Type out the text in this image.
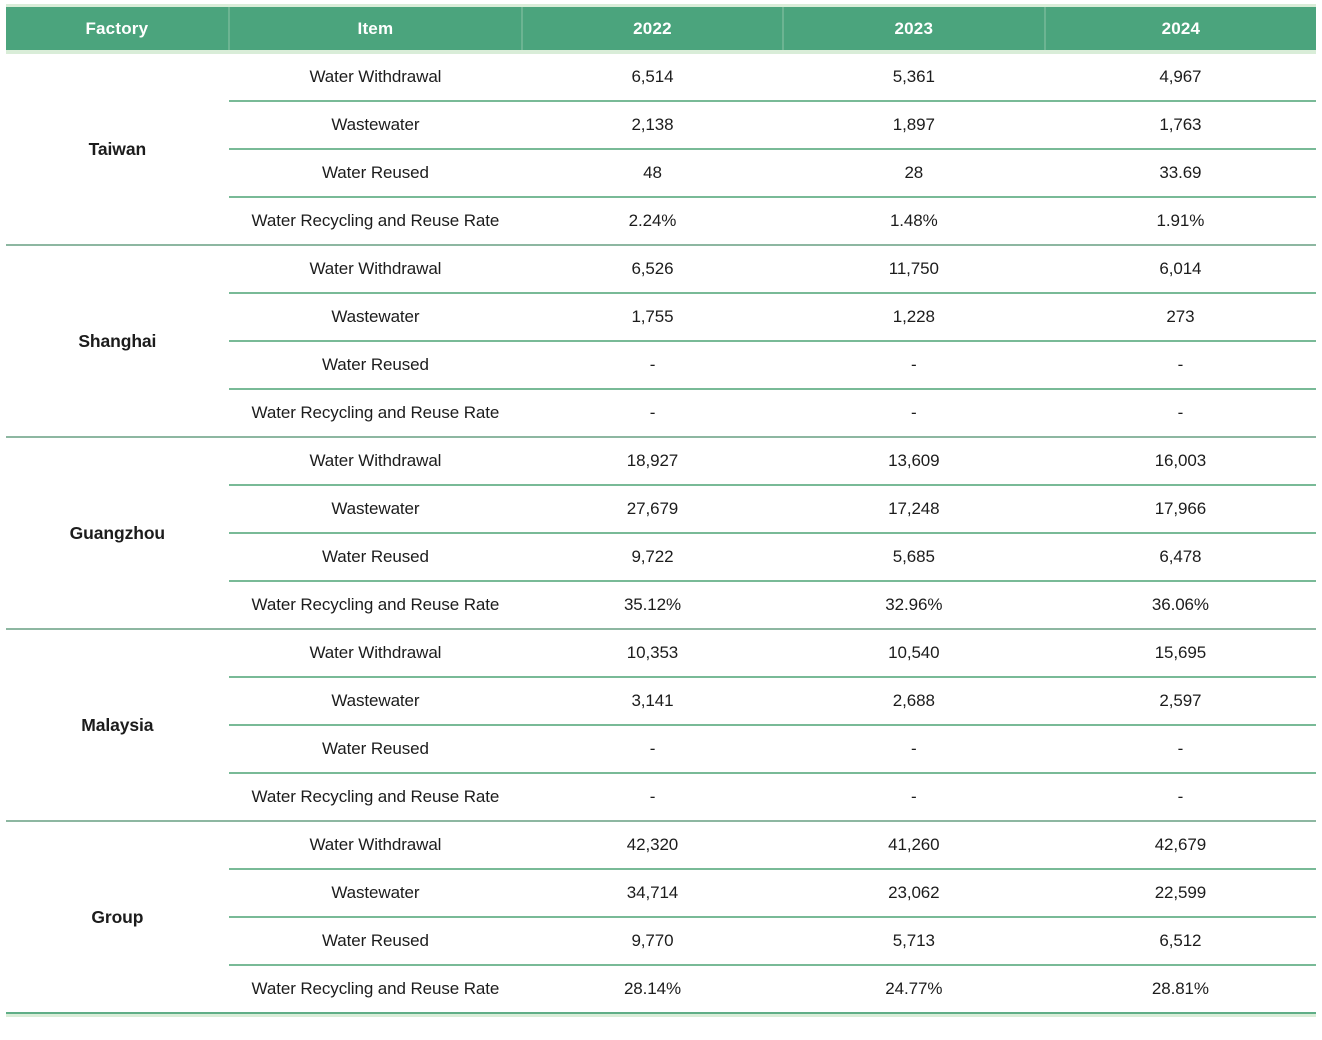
Factory	Item	2022	2023	2024
Taiwan	Water Withdrawal	6,514	5,361	4,967
	Wastewater	2,138	1,897	1,763
	Water Reused	48	28	33.69
	Water Recycling and Reuse Rate	2.24%	1.48%	1.91%
Shanghai	Water Withdrawal	6,526	11,750	6,014
	Wastewater	1,755	1,228	273
	Water Reused	-	-	-
	Water Recycling and Reuse Rate	-	-	-
Guangzhou	Water Withdrawal	18,927	13,609	16,003
	Wastewater	27,679	17,248	17,966
	Water Reused	9,722	5,685	6,478
	Water Recycling and Reuse Rate	35.12%	32.96%	36.06%
Malaysia	Water Withdrawal	10,353	10,540	15,695
	Wastewater	3,141	2,688	2,597
	Water Reused	-	-	-
	Water Recycling and Reuse Rate	-	-	-
Group	Water Withdrawal	42,320	41,260	42,679
	Wastewater	34,714	23,062	22,599
	Water Reused	9,770	5,713	6,512
	Water Recycling and Reuse Rate	28.14%	24.77%	28.81%
